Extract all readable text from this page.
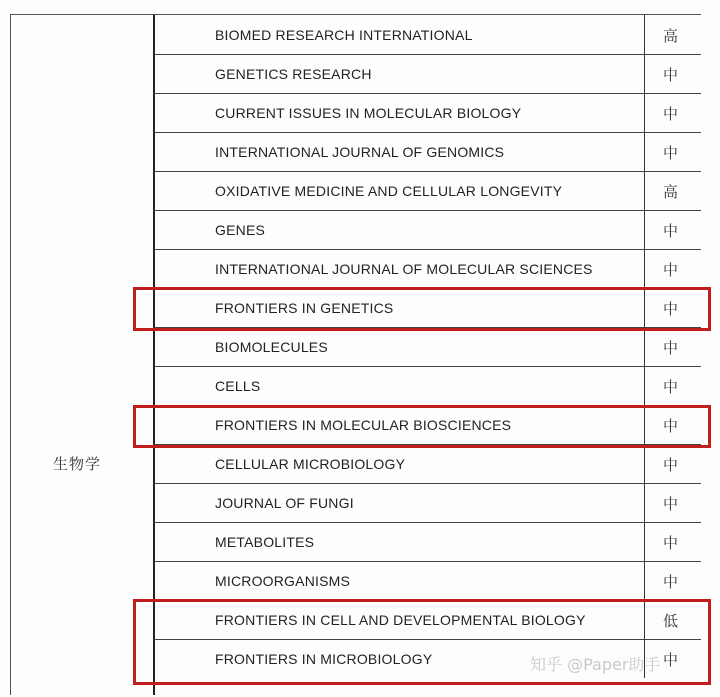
生物学
BIOMED RESEARCH INTERNATIONAL	高
GENETICS RESEARCH	中
CURRENT ISSUES IN MOLECULAR BIOLOGY	中
INTERNATIONAL JOURNAL OF GENOMICS	中
OXIDATIVE MEDICINE AND CELLULAR LONGEVITY	高
GENES	中
INTERNATIONAL JOURNAL OF MOLECULAR SCIENCES	中
FRONTIERS IN GENETICS	中
BIOMOLECULES	中
CELLS	中
FRONTIERS IN MOLECULAR BIOSCIENCES	中
CELLULAR MICROBIOLOGY	中
JOURNAL OF FUNGI	中
METABOLITES	中
MICROORGANISMS	中
FRONTIERS IN CELL AND DEVELOPMENTAL BIOLOGY	低
FRONTIERS IN MICROBIOLOGY	中
知乎 @Paper助手
